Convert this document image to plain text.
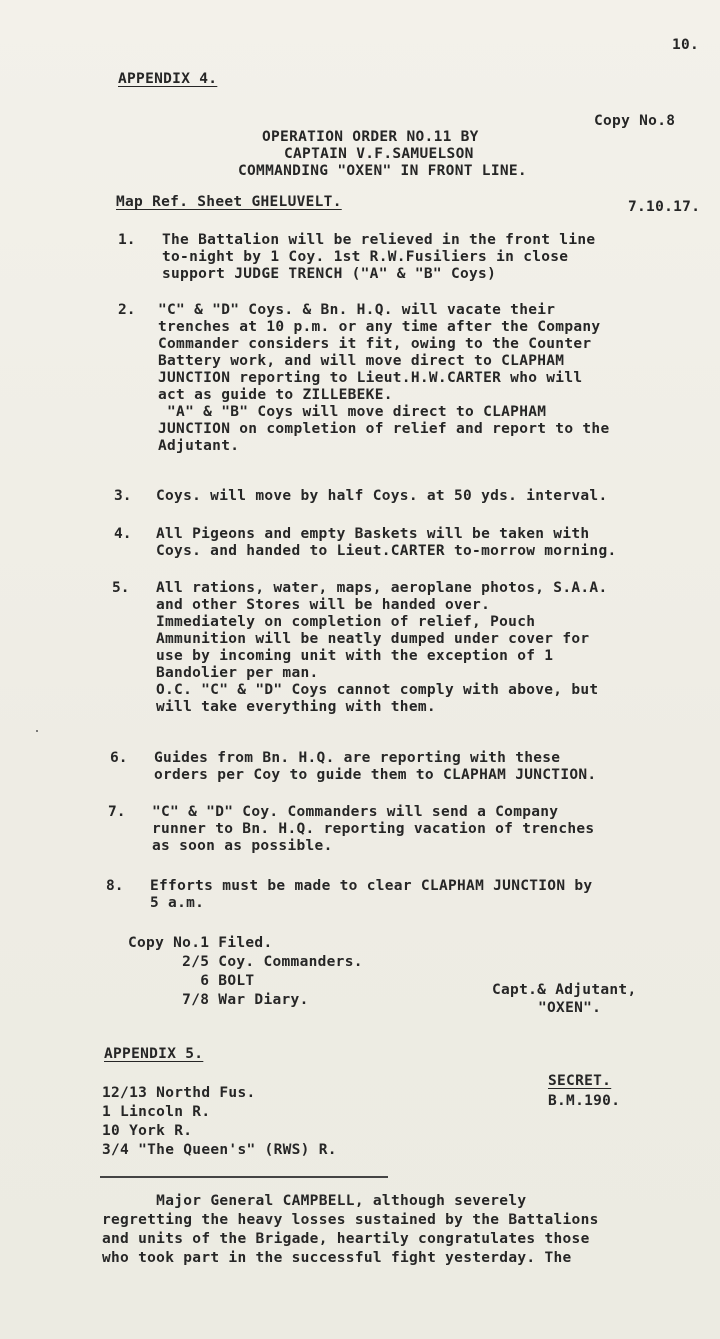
10.
APPENDIX 4.
Copy No.8
OPERATION ORDER NO.11 BY
CAPTAIN V.F.SAMUELSON
COMMANDING "OXEN" IN FRONT LINE.
Map Ref. Sheet GHELUVELT.	7.10.17.
1. The Battalion will be relieved in the front line
to-night by 1 Coy. 1st R.W.Fusiliers in close
support JUDGE TRENCH ("A" & "B" Coys)
2. "C" & "D" Coys. & Bn. H.Q. will vacate their
trenches at 10 p.m. or any time after the Company
Commander considers it fit, owing to the Counter
Battery work, and will move direct to CLAPHAM
JUNCTION reporting to Lieut.H.W.CARTER who will
act as guide to ZILLEBEKE.
"A" & "B" Coys will move direct to CLAPHAM
JUNCTION on completion of relief and report to the
Adjutant.
3. Coys. will move by half Coys. at 50 yds. interval.
4. All Pigeons and empty Baskets will be taken with
Coys. and handed to Lieut.CARTER to-morrow morning.
5. All rations, water, maps, aeroplane photos, S.A.A.
and other Stores will be handed over.
Immediately on completion of relief, Pouch
Ammunition will be neatly dumped under cover for
use by incoming unit with the exception of 1
Bandolier per man.
O.C. "C" & "D" Coys cannot comply with above, but
will take everything with them.
6. Guides from Bn. H.Q. are reporting with these
orders per Coy to guide them to CLAPHAM JUNCTION.
7. "C" & "D" Coy. Commanders will send a Company
runner to Bn. H.Q. reporting vacation of trenches
as soon as possible.
8. Efforts must be made to clear CLAPHAM JUNCTION by
5 a.m.
Copy No.1 Filed.
2/5 Coy. Commanders.
6 BOLT
7/8 War Diary.
Capt.& Adjutant,
"OXEN".
APPENDIX 5.
12/13 Northd Fus.
1 Lincoln R.
10 York R.
3/4 "The Queen's" (RWS) R.
SECRET.
B.M.190.
Major General CAMPBELL, although severely
regretting the heavy losses sustained by the Battalions
and units of the Brigade, heartily congratulates those
who took part in the successful fight yesterday. The
